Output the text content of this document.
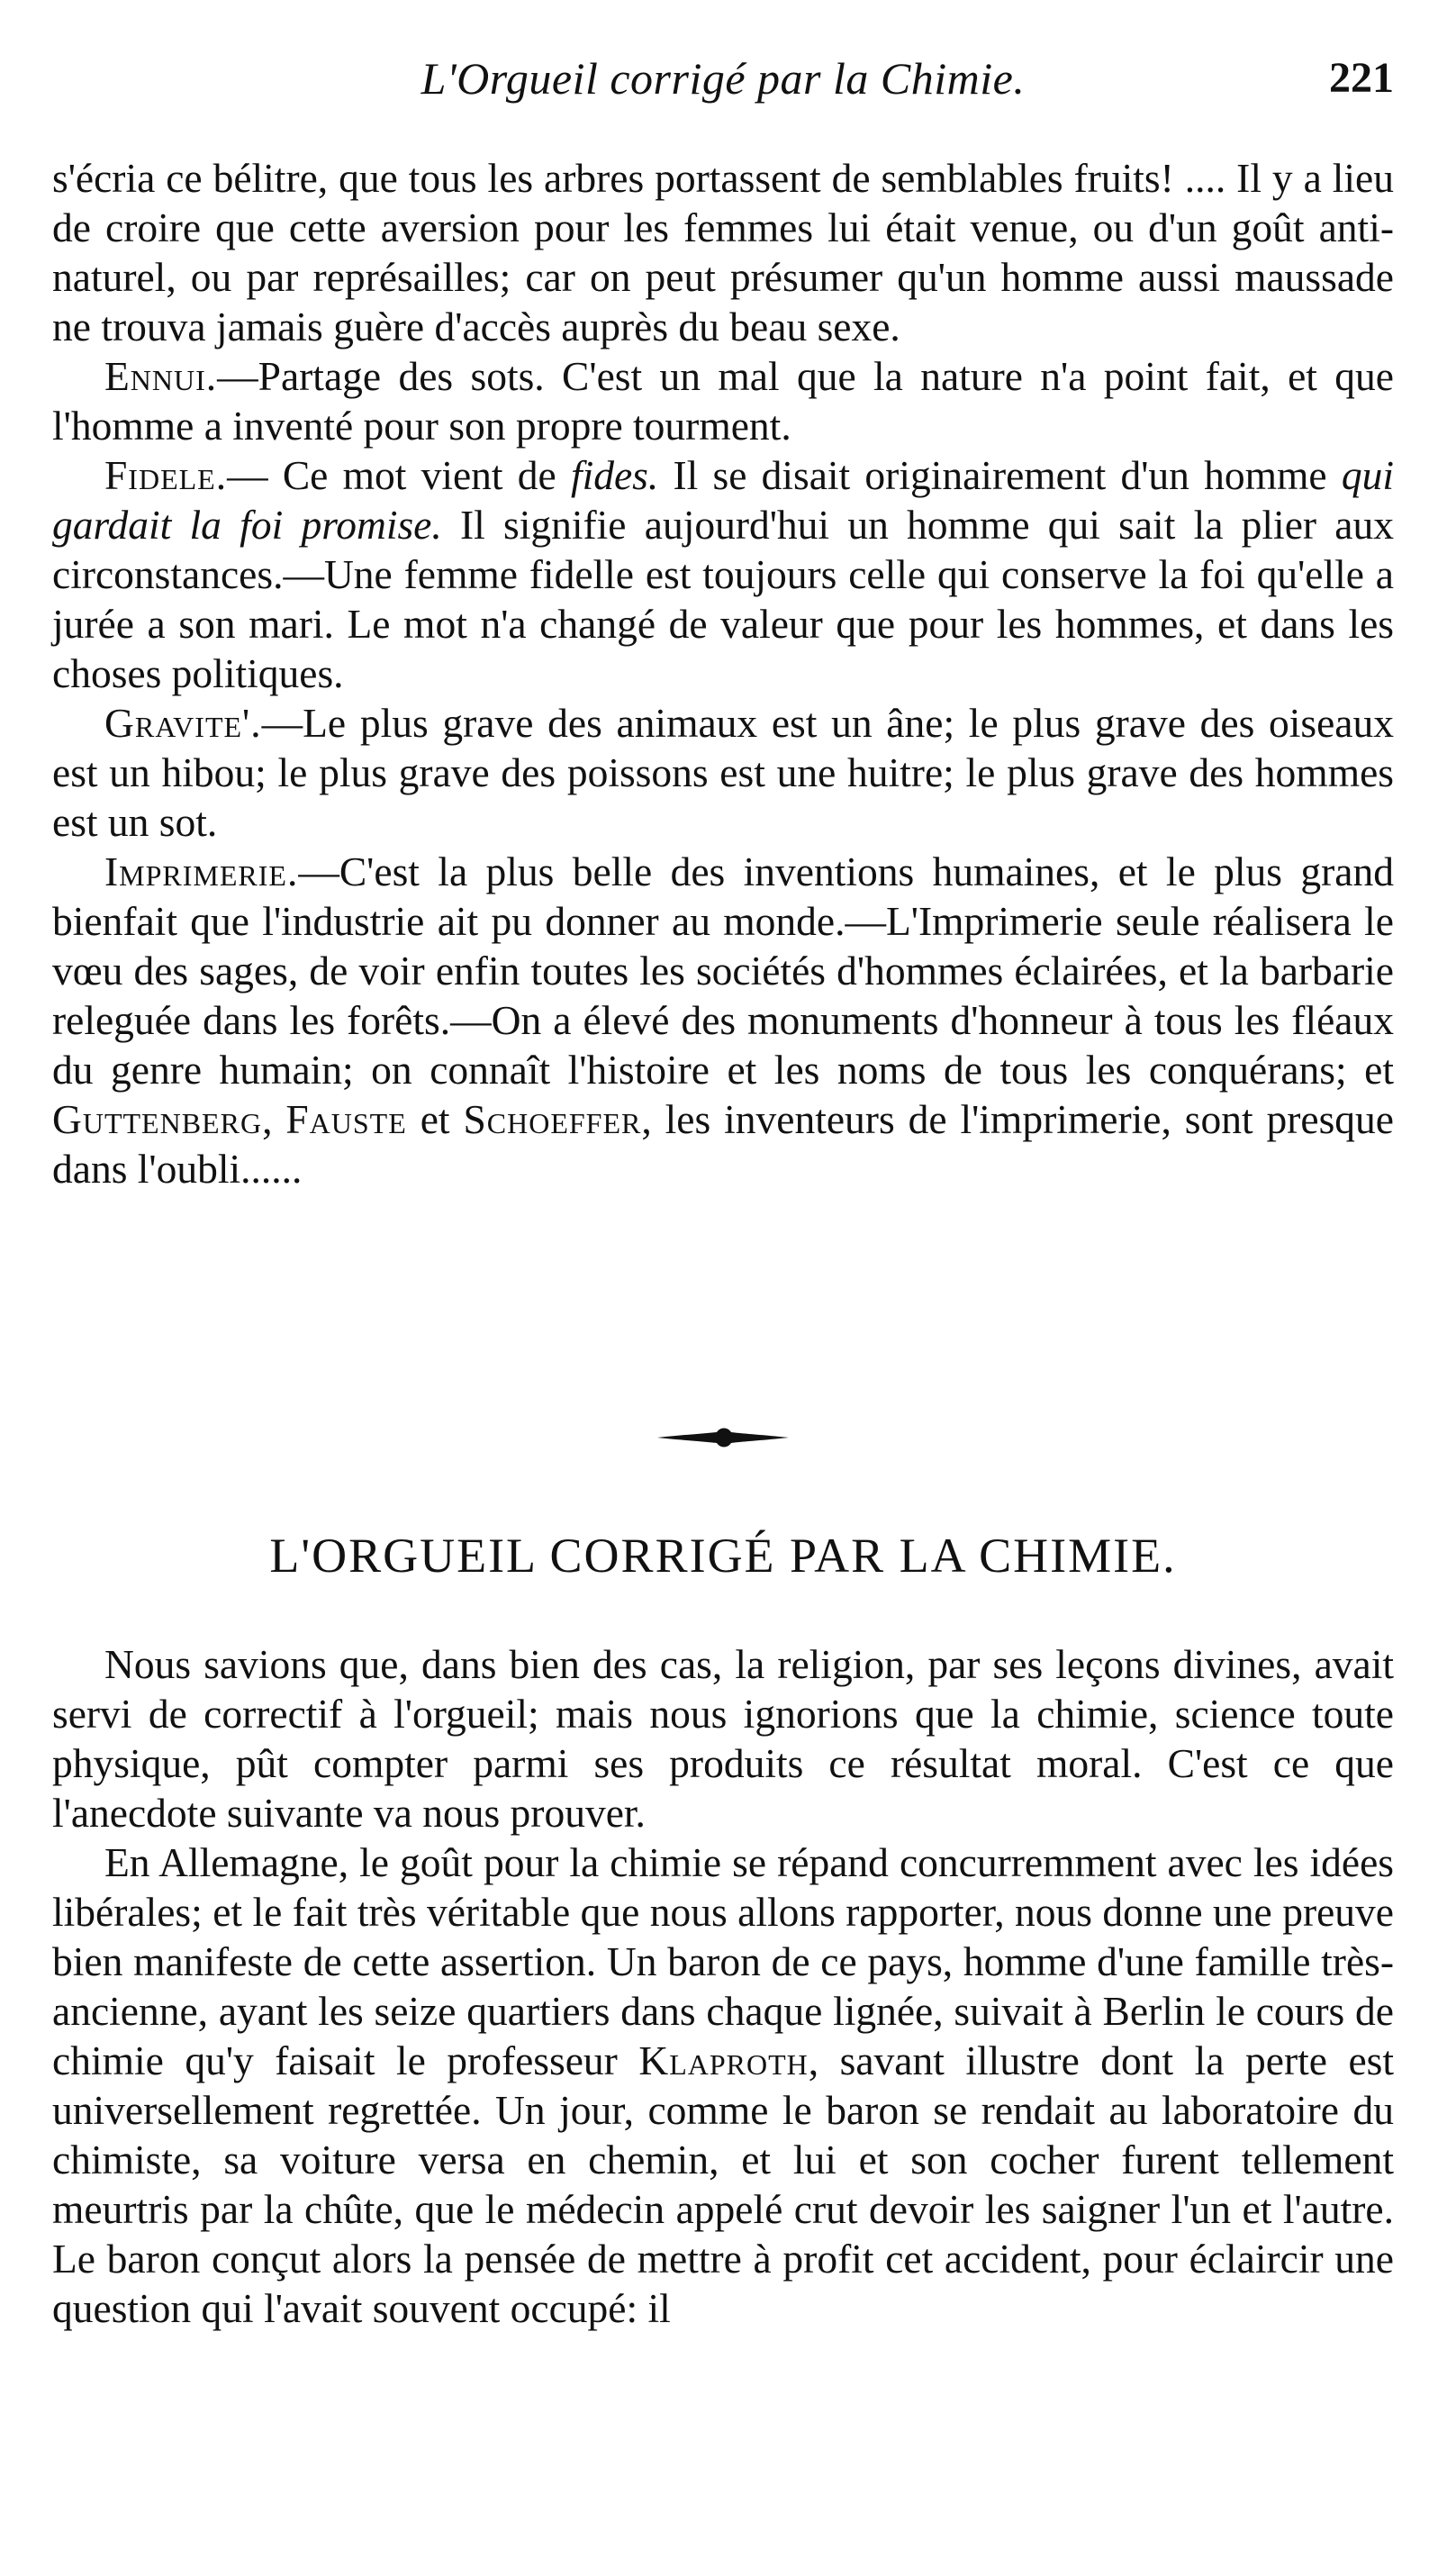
L'Orgueil corrigé par la Chimie.	221

s'écria ce bélitre, que tous les arbres portassent de semblables fruits! .... Il y a lieu de croire que cette aversion pour les femmes lui était venue, ou d'un goût anti-naturel, ou par représailles; car on peut présumer qu'un homme aussi maussade ne trouva jamais guère d'accès auprès du beau sexe.

Ennui.—Partage des sots. C'est un mal que la nature n'a point fait, et que l'homme a inventé pour son propre tourment.

Fidele.— Ce mot vient de fides. Il se disait originairement d'un homme qui gardait la foi promise. Il signifie aujourd'hui un homme qui sait la plier aux circonstances.—Une femme fidelle est toujours celle qui conserve la foi qu'elle a jurée a son mari. Le mot n'a changé de valeur que pour les hommes, et dans les choses politiques.

Gravite'.—Le plus grave des animaux est un âne; le plus grave des oiseaux est un hibou; le plus grave des poissons est une huitre; le plus grave des hommes est un sot.

Imprimerie.—C'est la plus belle des inventions humaines, et le plus grand bienfait que l'industrie ait pu donner au monde.—L'Imprimerie seule réalisera le vœu des sages, de voir enfin toutes les sociétés d'hommes éclairées, et la barbarie releguée dans les forêts.—On a élevé des monuments d'honneur à tous les fléaux du genre humain; on connaît l'histoire et les noms de tous les conquérans; et Guttenberg, Fauste et Schoeffer, les inventeurs de l'imprimerie, sont presque dans l'oubli......

L'ORGUEIL CORRIGÉ PAR LA CHIMIE.

Nous savions que, dans bien des cas, la religion, par ses leçons divines, avait servi de correctif à l'orgueil; mais nous ignorions que la chimie, science toute physique, pût compter parmi ses produits ce résultat moral. C'est ce que l'anecdote suivante va nous prouver.

En Allemagne, le goût pour la chimie se répand concurremment avec les idées libérales; et le fait très véritable que nous allons rapporter, nous donne une preuve bien manifeste de cette assertion. Un baron de ce pays, homme d'une famille très-ancienne, ayant les seize quartiers dans chaque lignée, suivait à Berlin le cours de chimie qu'y faisait le professeur Klaproth, savant illustre dont la perte est universellement regrettée. Un jour, comme le baron se rendait au laboratoire du chimiste, sa voiture versa en chemin, et lui et son cocher furent tellement meurtris par la chûte, que le médecin appelé crut devoir les saigner l'un et l'autre. Le baron conçut alors la pensée de mettre à profit cet accident, pour éclaircir une question qui l'avait souvent occupé: il
